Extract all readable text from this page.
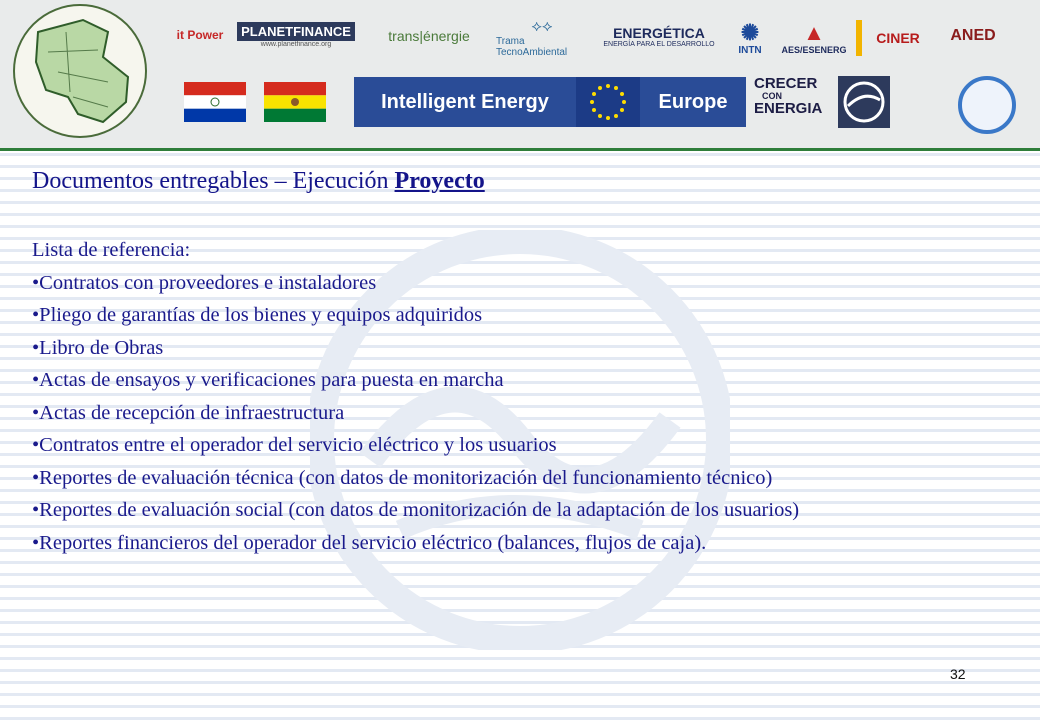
it Power	PLANETFINANCE
www.planetfinance.org
trans|énergie
⟡⟡
Trama TecnoAmbiental
ENERGÉTICA
ENERGÍA PARA EL DESARROLLO ✺
INTN
▲
AES/ESENERG
CINER ANED
Intelligent Energy	Europe
CRECER
CON
ENERGIA
Documentos entregables – Ejecución Proyecto
Lista de referencia:
•Contratos con proveedores e instaladores
•Pliego de garantías de los bienes y equipos adquiridos
•Libro de Obras
•Actas de ensayos y verificaciones para puesta en marcha
•Actas de recepción de infraestructura
•Contratos entre el operador del servicio eléctrico y los usuarios
•Reportes de evaluación técnica (con datos de monitorización del funcionamiento técnico)
•Reportes de evaluación social (con datos de monitorización de la adaptación de los usuarios)
•Reportes financieros del operador del servicio eléctrico (balances, flujos de caja).
32
